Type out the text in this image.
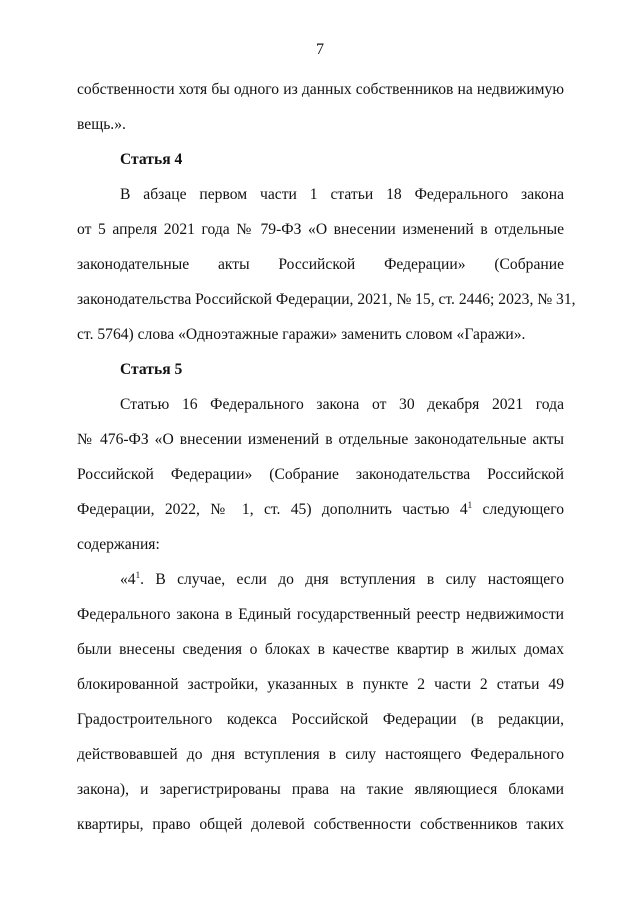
7
собственности хотя бы одного из данных собственников на недвижимую
вещь.».
Статья 4
В абзаце первом части 1 статьи 18 Федерального закона
от 5 апреля 2021 года № 79-ФЗ «О внесении изменений в отдельные
законодательные акты Российской Федерации» (Собрание
законодательства Российской Федерации, 2021, № 15, ст. 2446; 2023, № 31,
ст. 5764) слова «Одноэтажные гаражи» заменить словом «Гаражи».
Статья 5
Статью 16 Федерального закона от 30 декабря 2021 года
№ 476-ФЗ «О внесении изменений в отдельные законодательные акты
Российской Федерации» (Собрание законодательства Российской
Федерации, 2022, № 1, ст. 45) дополнить частью $4^1$ следующего
содержания:
«$4^1$. В случае, если до дня вступления в силу настоящего
Федерального закона в Единый государственный реестр недвижимости
были внесены сведения о блоках в качестве квартир в жилых домах
блокированной застройки, указанных в пункте 2 части 2 статьи 49
Градостроительного кодекса Российской Федерации (в редакции,
действовавшей до дня вступления в силу настоящего Федерального
закона), и зарегистрированы права на такие являющиеся блоками
квартиры, право общей долевой собственности собственников таких
